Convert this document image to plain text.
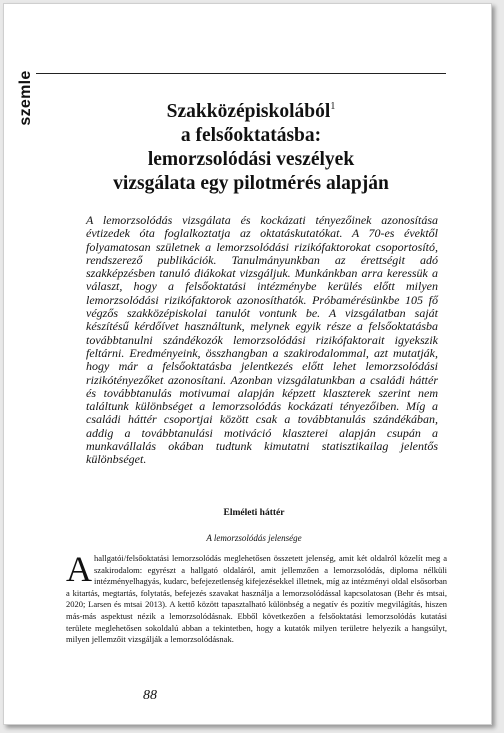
szemle	Szakközépiskolából$^1$
a felsőoktatásba:
lemorzsolódási veszélyek
vizsgálata egy pilotmérés alapján

A lemorzsolódás vizsgálata és kockázati tényezőinek azonosítása évtizedek óta foglalkoztatja az oktatáskutatókat. A 70-es évektől folyamatosan születnek a lemorzsolódási rizikófaktorokat csoportosító, rendszerező publikációk. Tanulmányunkban az érettségit adó szakképzésben tanuló diákokat vizsgáljuk. Munkánkban arra keressük a választ, hogy a felsőoktatási intézménybe kerülés előtt milyen lemorzsolódási rizikófaktorok azonosíthatók. Próbamérésünkbe 105 fő végzős szakközépiskolai tanulót vontunk be. A vizsgálatban saját készítésű kérdőívet használtunk, melynek egyik része a felsőoktatásba továbbtanulni szándékozók lemorzsolódási rizikófaktorait igyekszik feltárni. Eredményeink, összhangban a szakirodalommal, azt mutatják, hogy már a felsőoktatásba jelentkezés előtt lehet lemorzsolódási rizikótényezőket azonosítani. Azonban vizsgálatunkban a családi háttér és továbbtanulás motivumai alapján képzett klaszterek szerint nem találtunk különbséget a lemorzsolódás kockázati tényezőiben. Míg a családi háttér csoportjai között csak a továbbtanulás szándékában, addig a továbbtanulási motiváció klaszterei alapján csupán a munkavállalás okában tudtunk kimutatni statisztikailag jelentős különbséget.

Elméleti háttér

A lemorzsolódás jelensége

A hallgatói/felsőoktatási lemorzsolódás meglehetősen összetett jelenség, amit két oldalról közelít meg a szakirodalom: egyrészt a hallgató oldaláról, amit jellemzően a lemorzsolódás, diploma nélküli intézményelhagyás, kudarc, befejezetlenség kifejezésekkel illetnek, míg az intézményi oldal elsősorban a kitartás, megtartás, folytatás, befejezés szavakat használja a lemorzsolódással kapcsolatosan (Behr és mtsai, 2020; Larsen és mtsai 2013). A kettő között tapasztalható különbség a negatív és pozitív megvilágítás, hiszen más-más aspektust nézik a lemorzsolódásnak. Ebből következően a felsőoktatási lemorzsolódás kutatási területe meglehetősen sokoldalú abban a tekintetben, hogy a kutatók milyen területre helyezik a hangsúlyt, milyen jellemzőit vizsgálják a lemorzsolódásnak.

88
